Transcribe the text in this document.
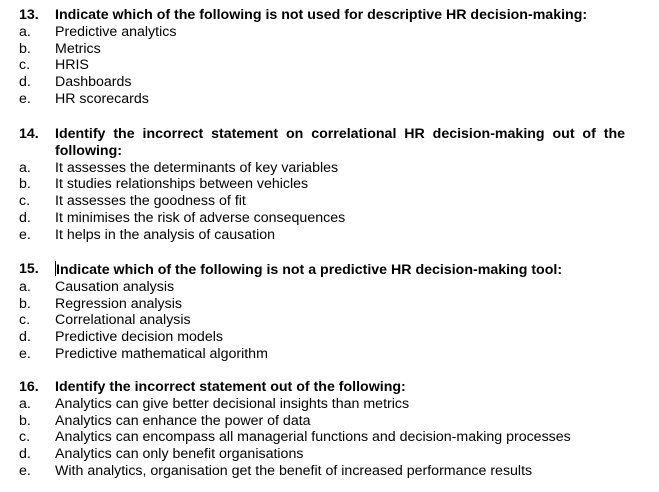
13.	Indicate which of the following is not used for descriptive HR decision-making:
a.	Predictive analytics
b.	Metrics
c.	HRIS
d.	Dashboards
e.	HR scorecards
14.	Identify the incorrect statement on correlational HR decision-making out of the following:
a.	It assesses the determinants of key variables
b.	It studies relationships between vehicles
c.	It assesses the goodness of fit
d.	It minimises the risk of adverse consequences
e.	It helps in the analysis of causation
15.	Indicate which of the following is not a predictive HR decision-making tool:
a.	Causation analysis
b.	Regression analysis
c.	Correlational analysis
d.	Predictive decision models
e.	Predictive mathematical algorithm
16.	Identify the incorrect statement out of the following:
a.	Analytics can give better decisional insights than metrics
b.	Analytics can enhance the power of data
c.	Analytics can encompass all managerial functions and decision-making processes
d.	Analytics can only benefit organisations
e.	With analytics, organisation get the benefit of increased performance results
